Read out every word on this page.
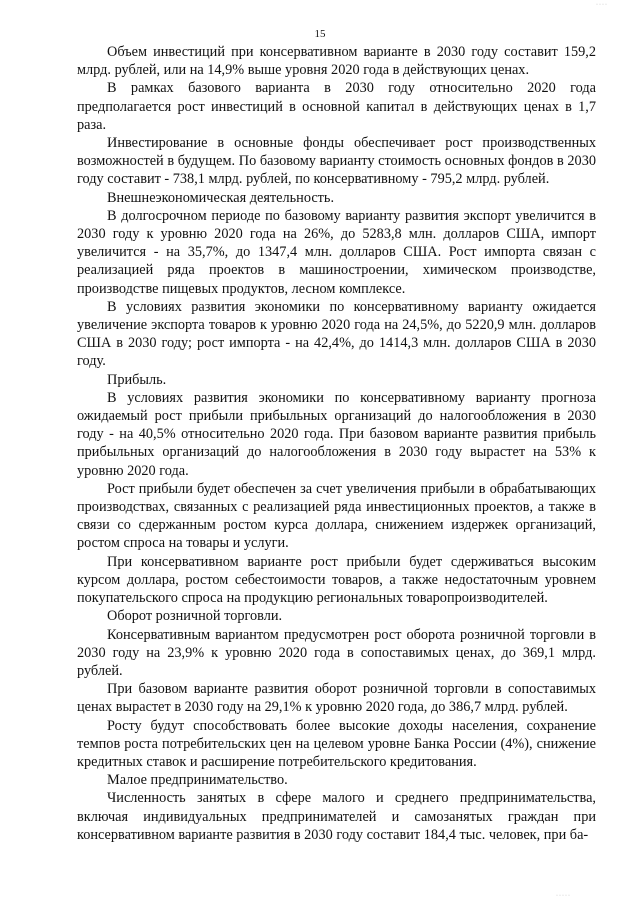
····
15

Объем инвестиций при консервативном варианте в 2030 году составит 159,2 млрд. рублей, или на 14,9% выше уровня 2020 года в действующих ценах.

В рамках базового варианта в 2030 году относительно 2020 года предполагается рост инвестиций в основной капитал в действующих ценах в 1,7 раза.

Инвестирование в основные фонды обеспечивает рост производственных возможностей в будущем. По базовому варианту стоимость основных фондов в 2030 году составит - 738,1 млрд. рублей, по консервативному - 795,2 млрд. рублей.

Внешнеэкономическая деятельность.

В долгосрочном периоде по базовому варианту развития экспорт увеличится в 2030 году к уровню 2020 года на 26%, до 5283,8 млн. долларов США, импорт увеличится - на 35,7%, до 1347,4 млн. долларов США. Рост импорта связан с реализацией ряда проектов в машиностроении, химическом производстве, производстве пищевых продуктов, лесном комплексе.

В условиях развития экономики по консервативному варианту ожидается увеличение экспорта товаров к уровню 2020 года на 24,5%, до 5220,9 млн. долларов США в 2030 году; рост импорта - на 42,4%, до 1414,3 млн. долларов США в 2030 году.

Прибыль.

В условиях развития экономики по консервативному варианту прогноза ожидаемый рост прибыли прибыльных организаций до налогообложения в 2030 году - на 40,5% относительно 2020 года. При базовом варианте развития прибыль прибыльных организаций до налогообложения в 2030 году вырастет на 53% к уровню 2020 года.

Рост прибыли будет обеспечен за счет увеличения прибыли в обрабатывающих производствах, связанных с реализацией ряда инвестиционных проектов, а также в связи со сдержанным ростом курса доллара, снижением издержек организаций, ростом спроса на товары и услуги.

При консервативном варианте рост прибыли будет сдерживаться высоким курсом доллара, ростом себестоимости товаров, а также недостаточным уровнем покупательского спроса на продукцию региональных товаропроизводителей.

Оборот розничной торговли.

Консервативным вариантом предусмотрен рост оборота розничной торговли в 2030 году на 23,9% к уровню 2020 года в сопоставимых ценах, до 369,1 млрд. рублей.

При базовом варианте развития оборот розничной торговли в сопоставимых ценах вырастет в 2030 году на 29,1% к уровню 2020 года, до 386,7 млрд. рублей.

Росту будут способствовать более высокие доходы населения, сохранение темпов роста потребительских цен на целевом уровне Банка России (4%), снижение кредитных ставок и расширение потребительского кредитования.

Малое предпринимательство.

Численность занятых в сфере малого и среднего предпринимательства, включая индивидуальных предпринимателей и самозанятых граждан при консервативном варианте развития в 2030 году составит 184,4 тыс. человек, при ба-

·····
